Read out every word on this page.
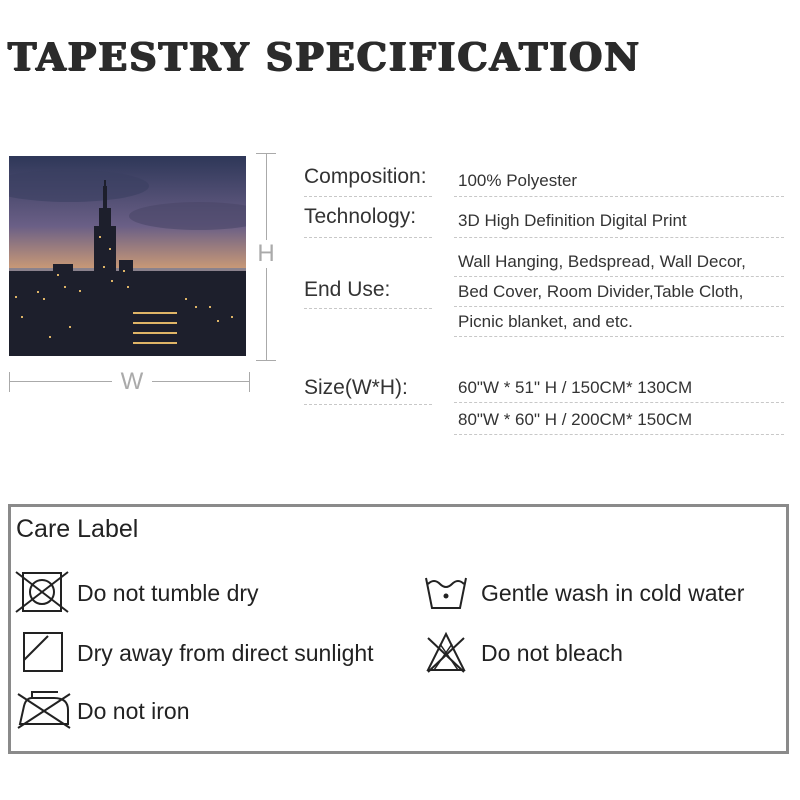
TAPESTRY SPECIFICATION
H
W
Composition: 100% Polyester
Technology: 3D High Definition Digital Print
End Use:
Wall Hanging, Bedspread, Wall Decor,
Bed Cover, Room Divider,Table Cloth,
Picnic blanket, and etc.
Size(W*H):	60"W * 51" H / 150CM* 130CM
80"W * 60" H / 200CM* 150CM
Care Label
Do not tumble dry	Gentle wash in cold water
Dry away from direct sunlight	Do not bleach
Do not iron
